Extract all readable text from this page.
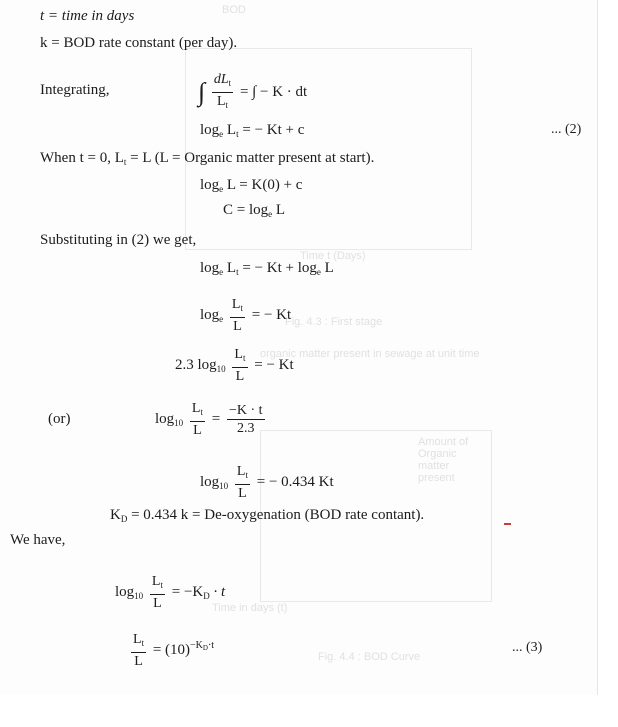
BOD
Time t (Days)
Fig. 4.3 : First stage
organic matter present in sewage at unit time
Amount of Organic matter present
Time in days (t)
Fig. 4.4 : BOD Curve
t = time in days
k = BOD rate constant (per day).
Integrating,	∫ $\frac{dL_t}{L_t}$ = ∫ − K · dt
$\log_e L_t$ = − Kt + c	... (2)
When t = 0, $L_t = L$ (L = Organic matter present at start).
$\log_e L = K(0) + c$
$C = \log_e L$
Substituting in (2) we get,
$\log_e L_t$ = − $Kt + \log_e L$
$\log_e \frac{L_t}{L}$ = − Kt
2.3 $\log_{10} \frac{L_t}{L}$ = − Kt
(or)	$\log_{10} \frac{L_t}{L} = \frac{-K \cdot t}{2.3}$
$\log_{10} \frac{L_t}{L}$ = − 0.434 Kt
$K_D = 0.434$ k = De-oxygenation (BOD rate contant).
We have,
$\log_{10} \frac{L_t}{L} = -K_D \cdot t$
$\frac{L_t}{L} = (10)^{-K_D\cdot t}$	... (3)
